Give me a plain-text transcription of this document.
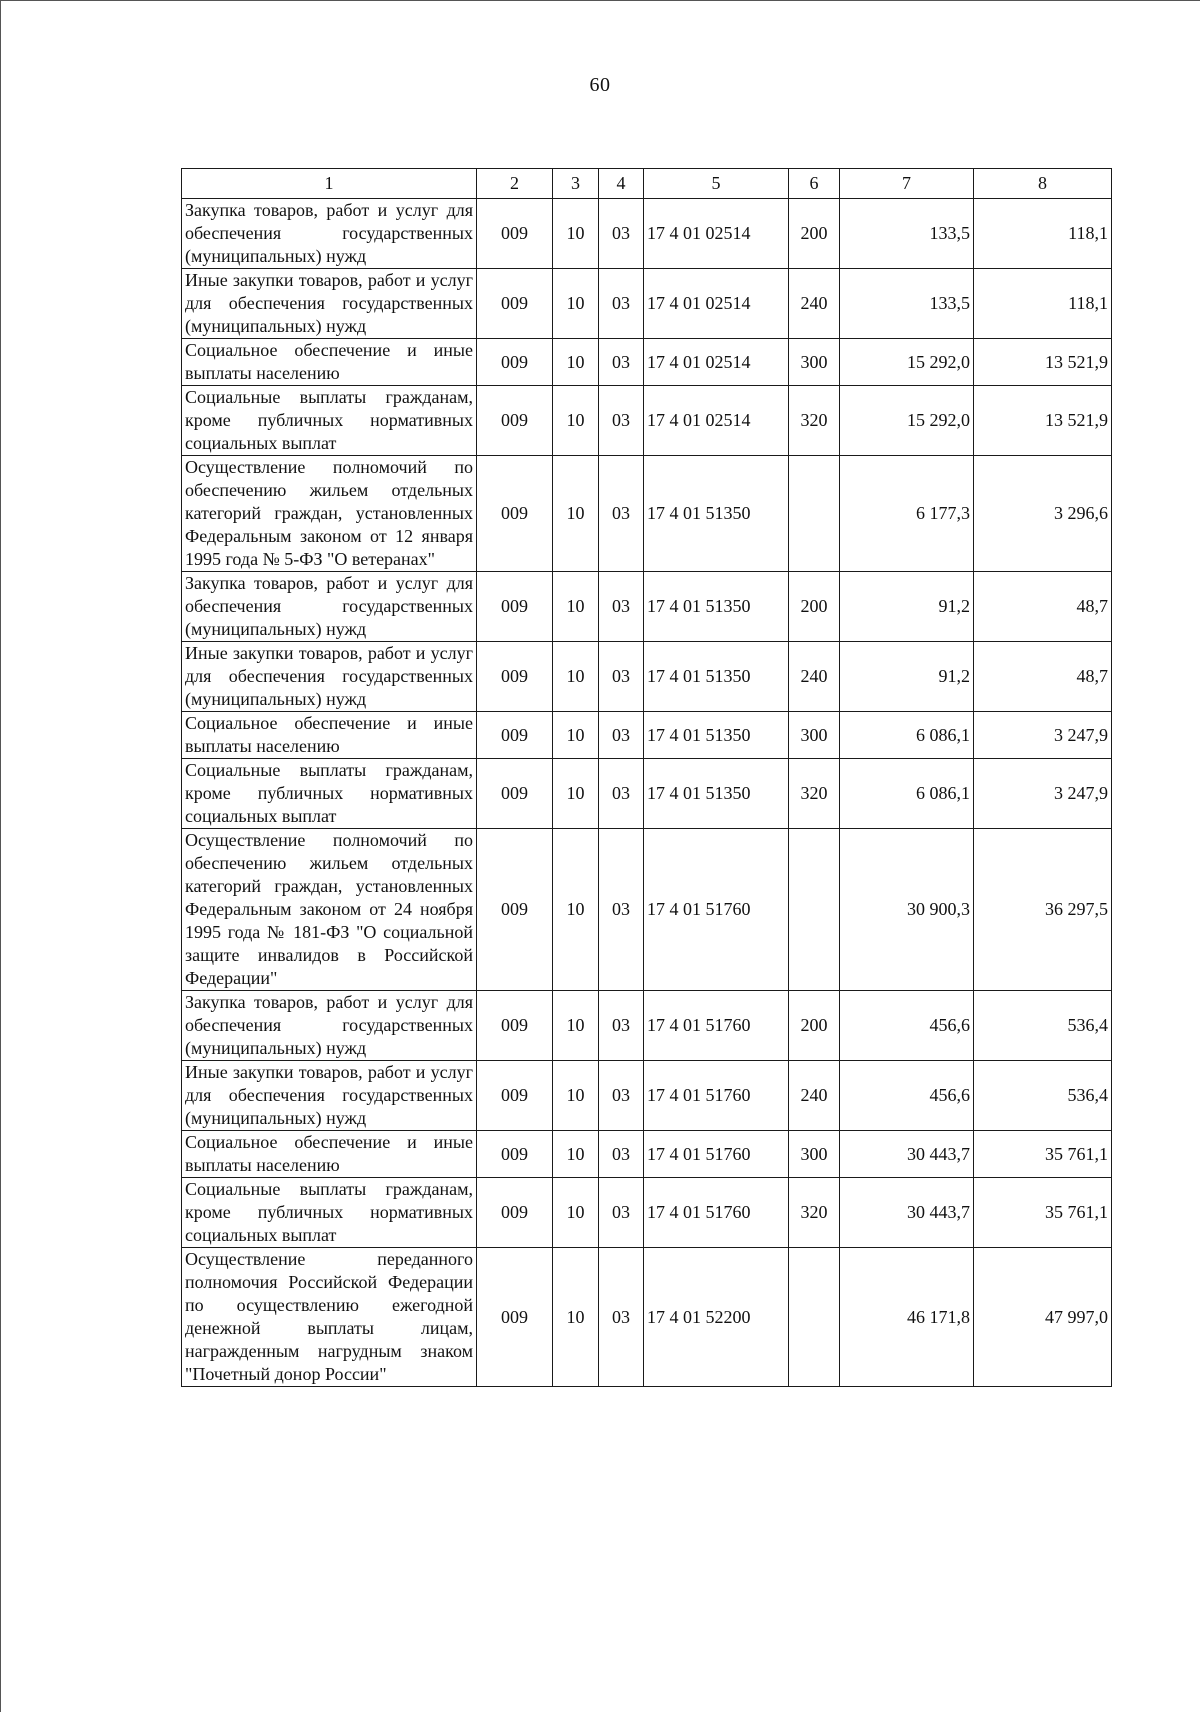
60
1	2	3	4	5	6	7	8
Закупка товаров, работ и услуг для обеспечения государственных (муниципальных) нужд	009	10	03	17 4 01 02514	200	133,5	118,1
Иные закупки товаров, работ и услуг для обеспечения государственных (муниципальных) нужд	009	10	03	17 4 01 02514	240	133,5	118,1
Социальное обеспечение и иные выплаты населению	009	10	03	17 4 01 02514	300	15 292,0	13 521,9
Социальные выплаты гражданам, кроме публичных нормативных социальных выплат	009	10	03	17 4 01 02514	320	15 292,0	13 521,9
Осуществление полномочий по обеспечению жильем отдельных категорий граждан, установленных Федеральным законом от 12 января 1995 года № 5-ФЗ "О ветеранах"	009	10	03	17 4 01 51350		6 177,3	3 296,6
Закупка товаров, работ и услуг для обеспечения государственных (муниципальных) нужд	009	10	03	17 4 01 51350	200	91,2	48,7
Иные закупки товаров, работ и услуг для обеспечения государственных (муниципальных) нужд	009	10	03	17 4 01 51350	240	91,2	48,7
Социальное обеспечение и иные выплаты населению	009	10	03	17 4 01 51350	300	6 086,1	3 247,9
Социальные выплаты гражданам, кроме публичных нормативных социальных выплат	009	10	03	17 4 01 51350	320	6 086,1	3 247,9
Осуществление полномочий по обеспечению жильем отдельных категорий граждан, установленных Федеральным законом от 24 ноября 1995 года № 181-ФЗ "О социальной защите инвалидов в Российской Федерации"	009	10	03	17 4 01 51760		30 900,3	36 297,5
Закупка товаров, работ и услуг для обеспечения государственных (муниципальных) нужд	009	10	03	17 4 01 51760	200	456,6	536,4
Иные закупки товаров, работ и услуг для обеспечения государственных (муниципальных) нужд	009	10	03	17 4 01 51760	240	456,6	536,4
Социальное обеспечение и иные выплаты населению	009	10	03	17 4 01 51760	300	30 443,7	35 761,1
Социальные выплаты гражданам, кроме публичных нормативных социальных выплат	009	10	03	17 4 01 51760	320	30 443,7	35 761,1
Осуществление переданного полномочия Российской Федерации по осуществлению ежегодной денежной выплаты лицам, награжденным нагрудным знаком "Почетный донор России"	009	10	03	17 4 01 52200		46 171,8	47 997,0
